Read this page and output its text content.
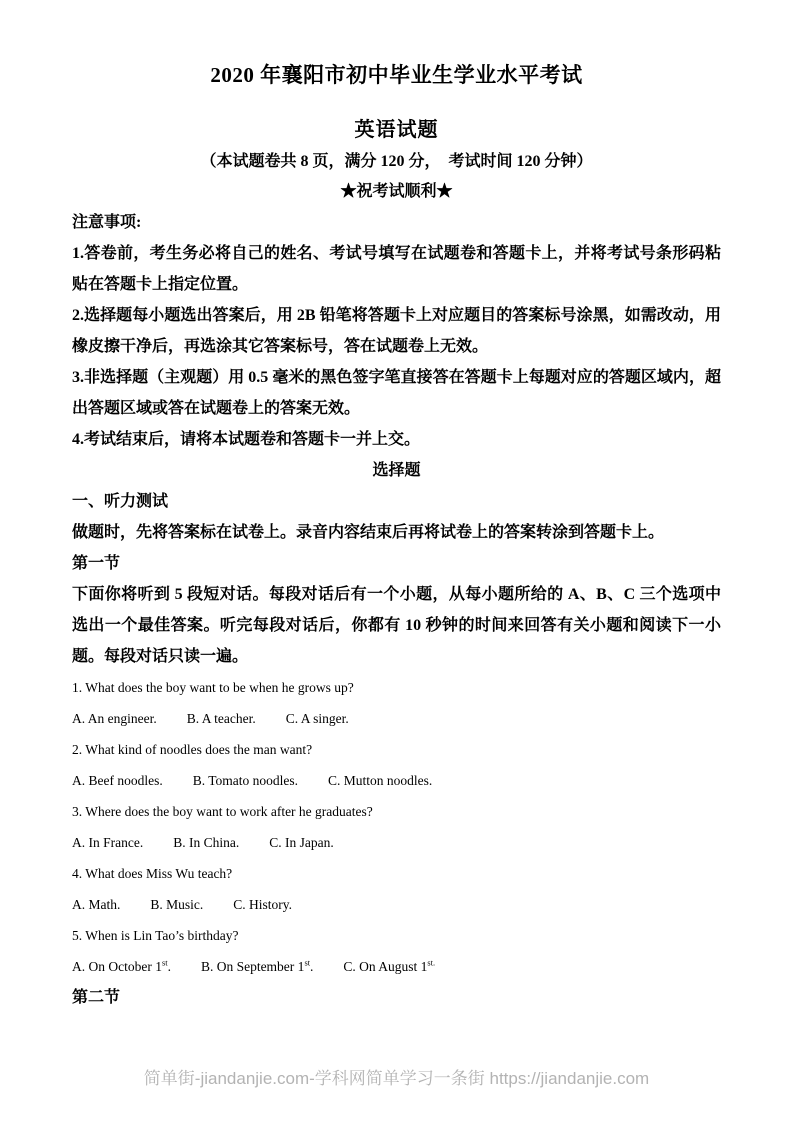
2020 年襄阳市初中毕业生学业水平考试
英语试题
（本试题卷共 8 页，满分 120 分，　考试时间 120 分钟）
★祝考试顺利★
注意事项:

1.答卷前，考生务必将自己的姓名、考试号填写在试题卷和答题卡上，并将考试号条形码粘贴在答题卡上指定位置。

2.选择题每小题选出答案后，用 2B 铅笔将答题卡上对应题目的答案标号涂黑，如需改动，用橡皮擦干净后，再选涂其它答案标号，答在试题卷上无效。

3.非选择题（主观题）用 0.5 毫米的黑色签字笔直接答在答题卡上每题对应的答题区域内，超出答题区域或答在试题卷上的答案无效。

4.考试结束后，请将本试题卷和答题卡一并上交。

选择题
一、听力测试

做题时，先将答案标在试卷上。录音内容结束后再将试卷上的答案转涂到答题卡上。

第一节

下面你将听到 5 段短对话。每段对话后有一个小题，从每小题所给的 A、B、C 三个选项中选出一个最佳答案。听完每段对话后，你都有 10 秒钟的时间来回答有关小题和阅读下一小题。每段对话只读一遍。

1. What does the boy want to be when he grows up?
A. An engineer. B. A teacher. C. A singer.
2. What kind of noodles does the man want?
A. Beef noodles. B. Tomato noodles. C. Mutton noodles.
3. Where does the boy want to work after he graduates?
A. In France. B. In China. C. In Japan.
4. What does Miss Wu teach?
A. Math. B. Music. C. History.
5. When is Lin Tao’s birthday?
A. On October 1st. B. On September 1st. C. On August $1^{st.}$
第二节
简单街-jiandanjie.com-学科网简单学习一条街 https://jiandanjie.com
